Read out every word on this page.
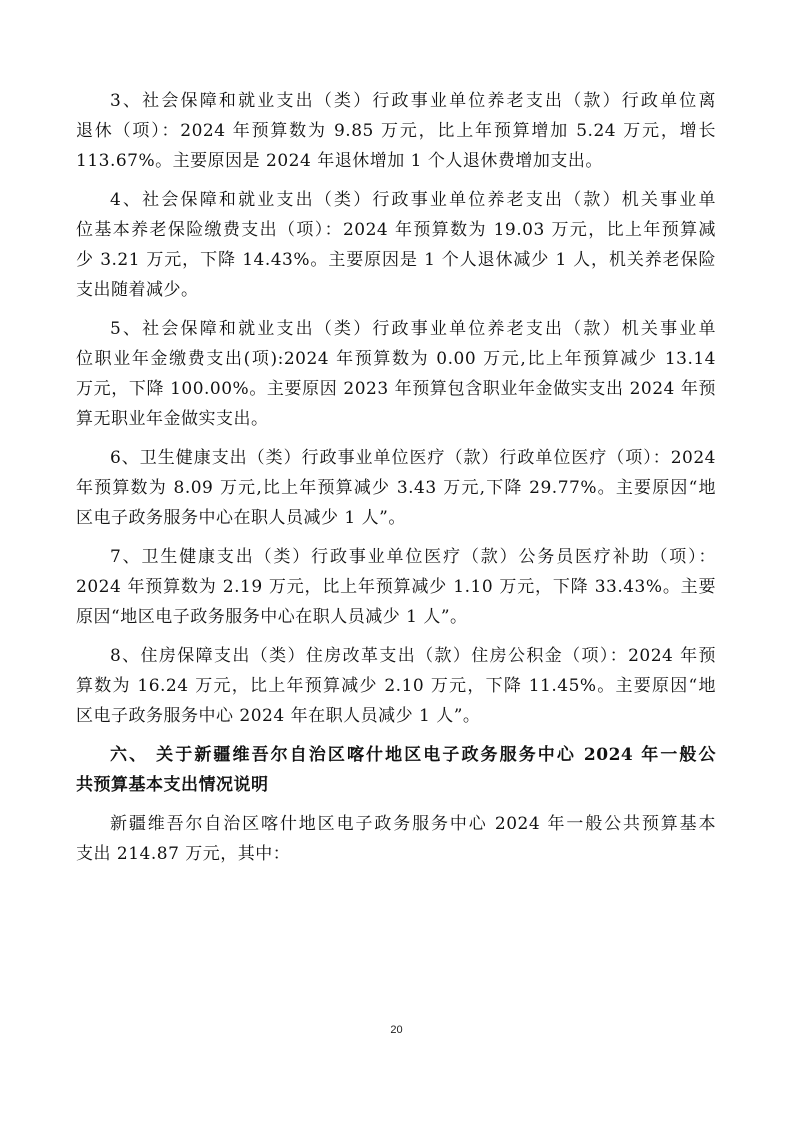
3、社会保障和就业支出（类）行政事业单位养老支出（款）行政单位离
退休（项）：2024 年预算数为 9.85 万元，比上年预算增加 5.24 万元，增长
113.67%。主要原因是 2024 年退休增加 1 个人退休费增加支出。
4、社会保障和就业支出（类）行政事业单位养老支出（款）机关事业单
位基本养老保险缴费支出（项）：2024 年预算数为 19.03 万元，比上年预算减
少 3.21 万元，下降 14.43%。主要原因是 1 个人退休减少 1 人，机关养老保险
支出随着减少。
5、社会保障和就业支出（类）行政事业单位养老支出（款）机关事业单
位职业年金缴费支出(项):2024 年预算数为 0.00 万元,比上年预算减少 13.14
万元，下降 100.00%。主要原因 2023 年预算包含职业年金做实支出 2024 年预
算无职业年金做实支出。
6、卫生健康支出（类）行政事业单位医疗（款）行政单位医疗（项）：2024
年预算数为 8.09 万元,比上年预算减少 3.43 万元,下降 29.77%。主要原因“地
区电子政务服务中心在职人员减少 1 人”。
7、卫生健康支出（类）行政事业单位医疗（款）公务员医疗补助（项）：
2024 年预算数为 2.19 万元，比上年预算减少 1.10 万元，下降 33.43%。主要
原因“地区电子政务服务中心在职人员减少 1 人”。
8、住房保障支出（类）住房改革支出（款）住房公积金（项）：2024 年预
算数为 16.24 万元，比上年预算减少 2.10 万元，下降 11.45%。主要原因“地
区电子政务服务中心 2024 年在职人员减少 1 人”。
六、 关于新疆维吾尔自治区喀什地区电子政务服务中心 2024 年一般公
共预算基本支出情况说明
新疆维吾尔自治区喀什地区电子政务服务中心 2024 年一般公共预算基本
支出 214.87 万元，其中：
20
